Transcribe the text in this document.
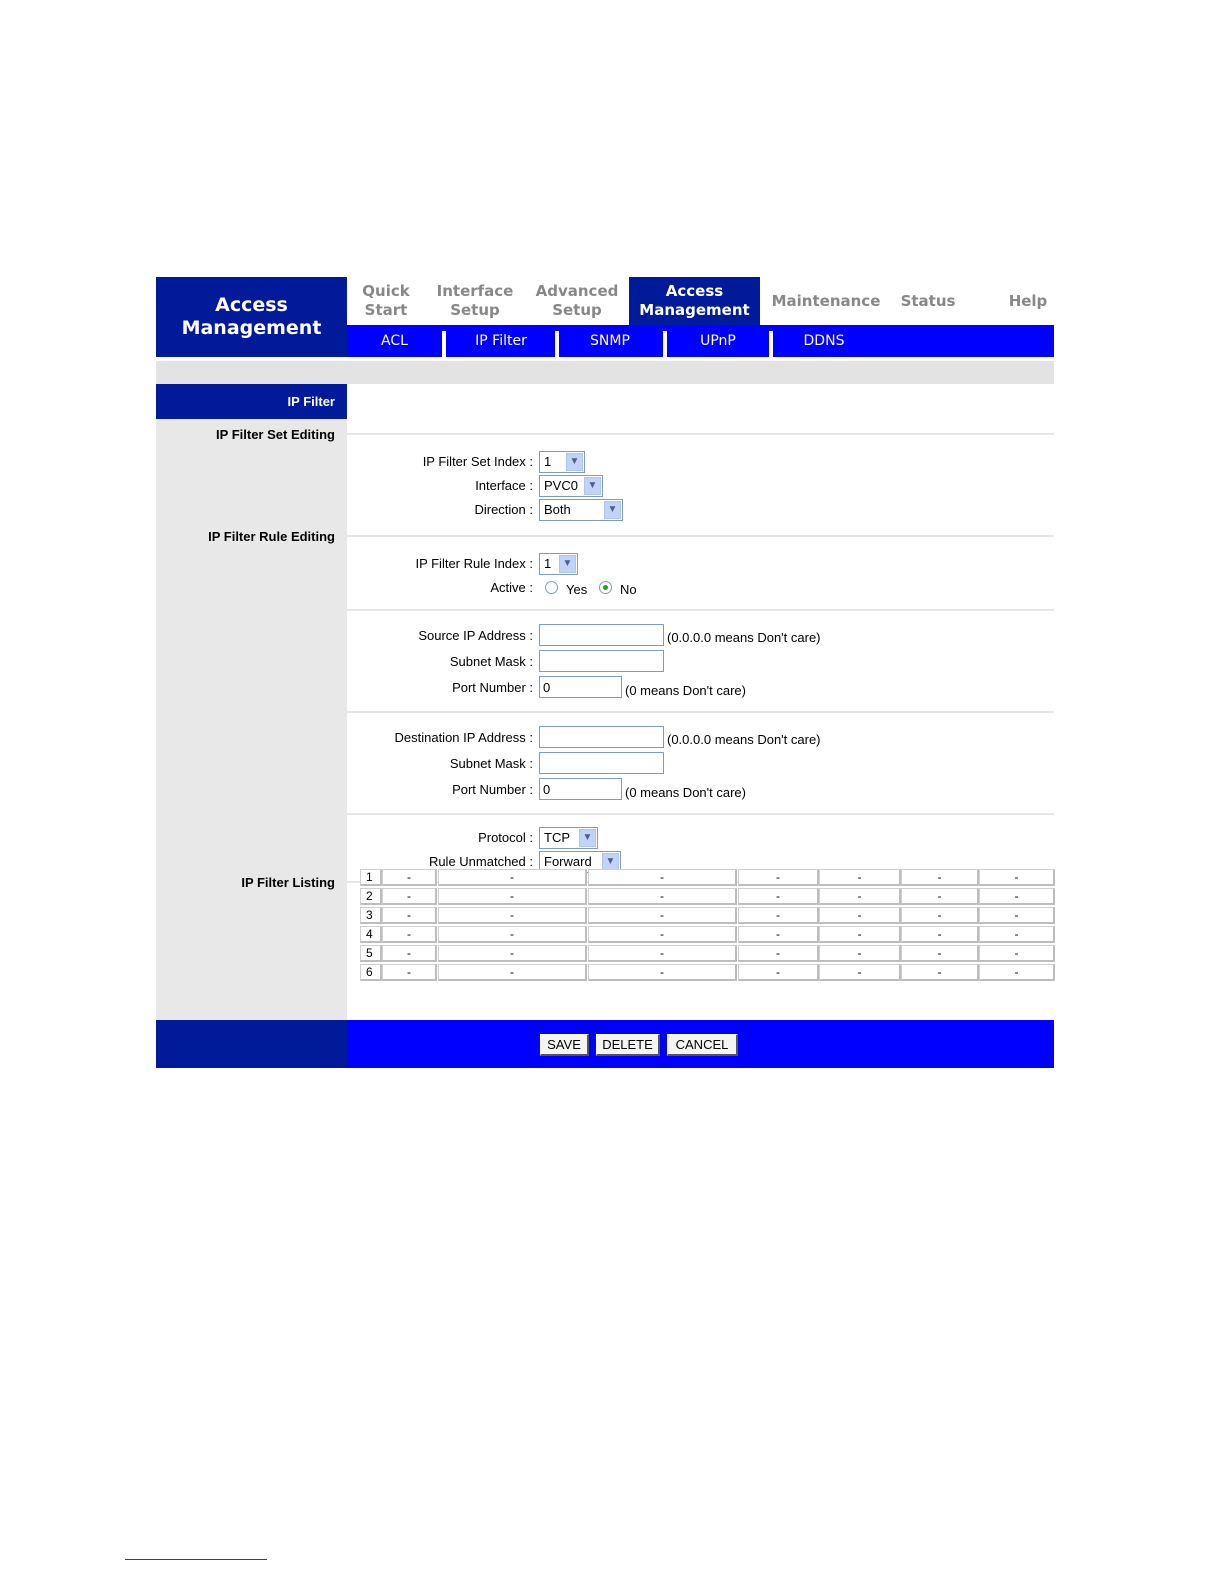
Access
Management
Quick
Start
Interface
Setup
Advanced
Setup
Access
Management
Maintenance Status	Help
ACL	IP Filter	SNMP	UPnP	DDNS
IP Filter
IP Filter Set Editing
IP Filter Rule Editing
IP Filter Listing
IP Filter Set Index : 1	▼
Interface : PVC0 ▼
Direction : Both	▼
IP Filter Rule Index : 1	▼
Active :	Yes	No
Source IP Address :	(0.0.0.0 means Don't care)
Subnet Mask :
Port Number :
0	(0 means Don't care)
Destination IP Address :	(0.0.0.0 means Don't care)
Subnet Mask :
Port Number :
0	(0 means Don't care)
Protocol : TCP	▼
Rule Unmatched : Forward	▼
1	-	-	-	-	-	-	-
2	-	-	-	-	-	-	-
3	-	-	-	-	-	-	-
4	-	-	-	-	-	-	-
5	-	-	-	-	-	-	-
6	-	-	-	-	-	-	-
SAVE	DELETE	CANCEL
